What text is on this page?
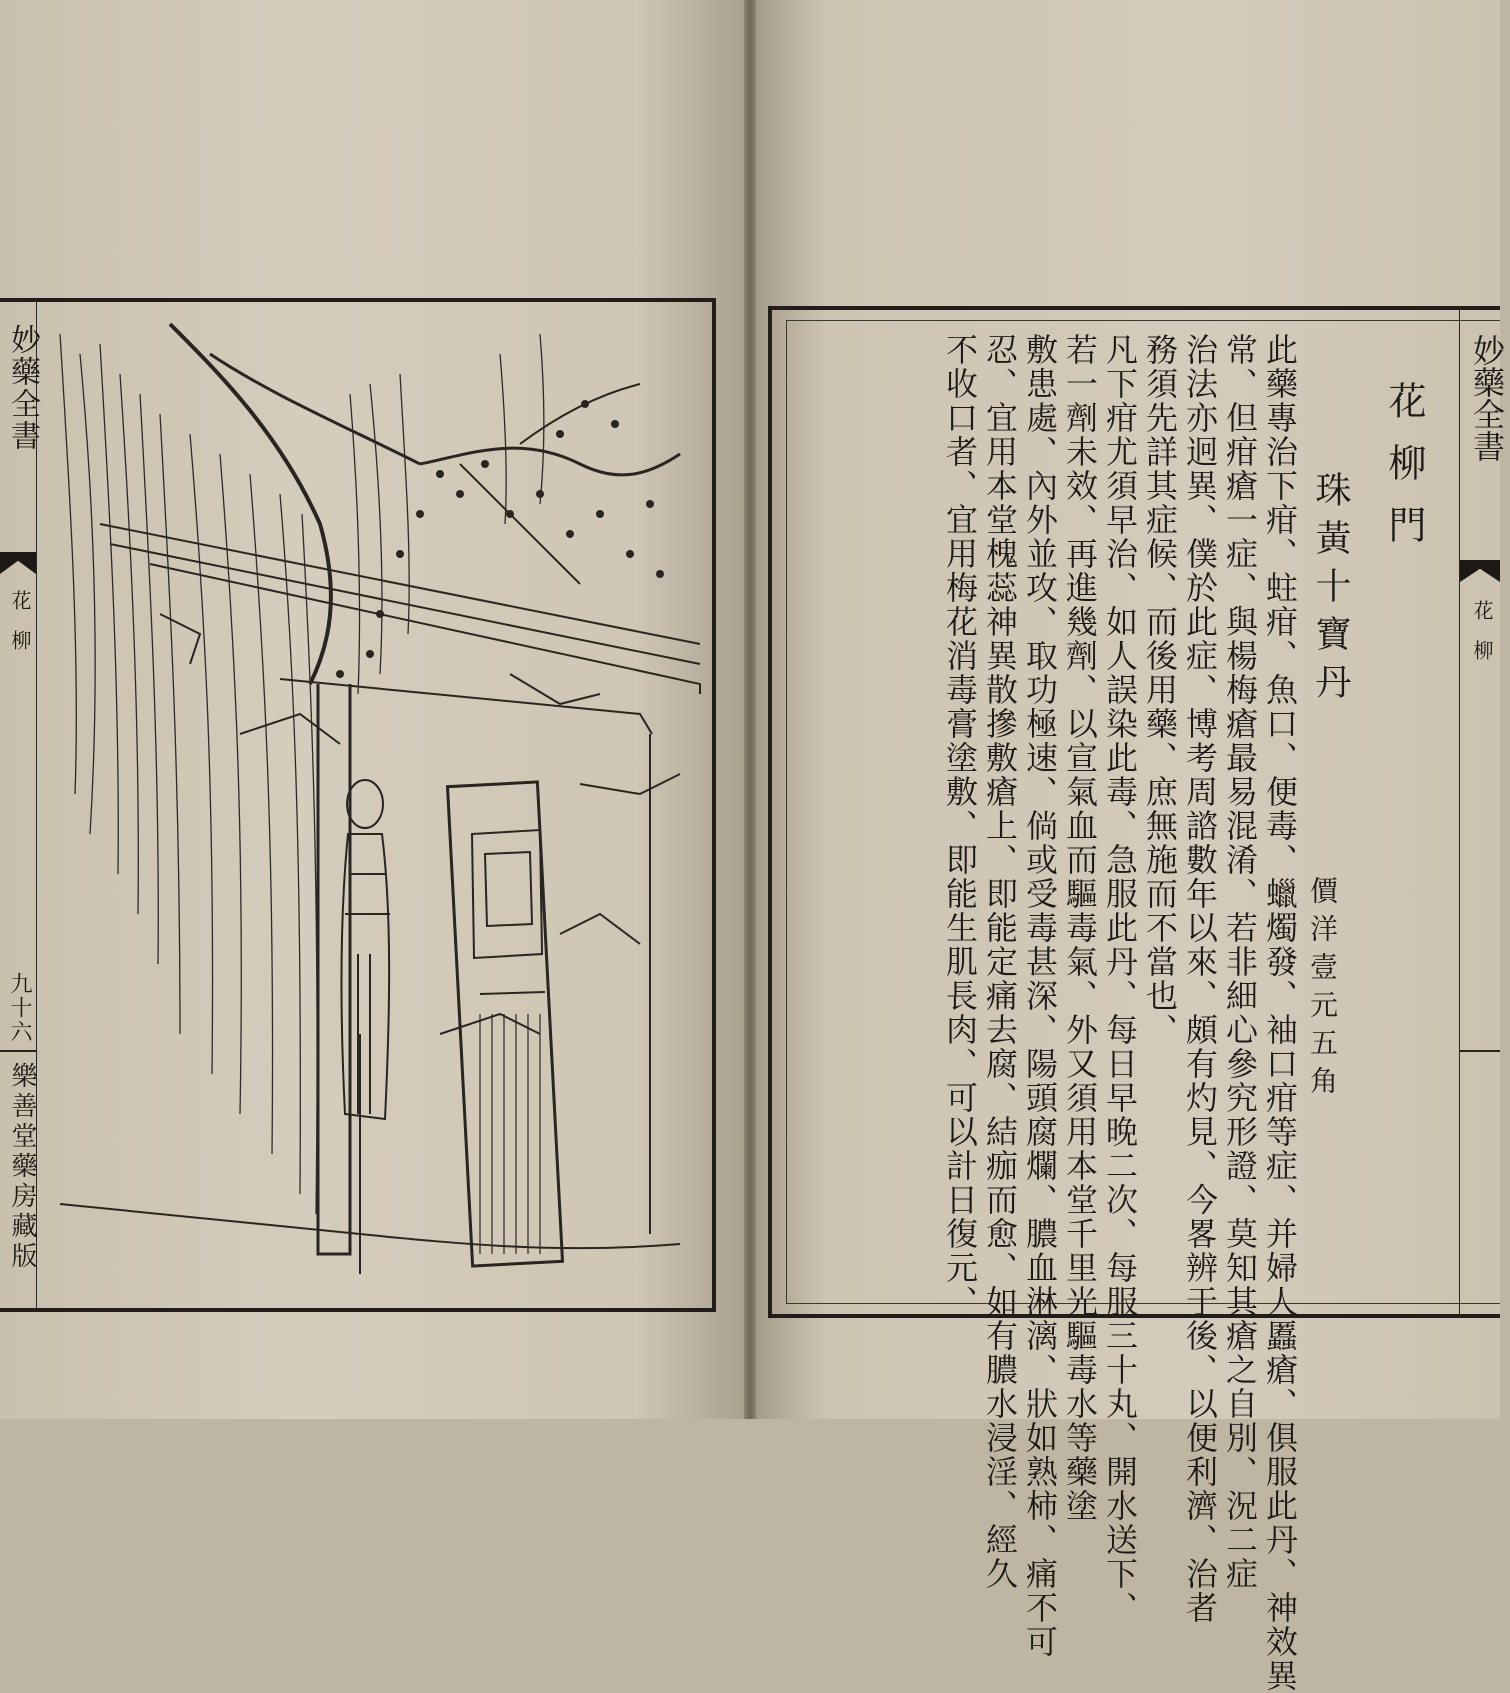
妙藥全書
花柳
九十六
樂善堂藥房藏版
花柳門
珠黃十寶丹
價洋壹元五角
此藥專治下疳、蛀疳、魚口、便毒、蠟燭發、袖口疳等症、并婦人䘌瘡、俱服此丹、神效異
常、但疳瘡一症、與楊梅瘡最易混淆、若非細心參究形證、莫知其瘡之自別、況二症
治法亦迥異、僕於此症、博考周諮數年以來、頗有灼見、今畧辨于後、以便利濟、治者
務須先詳其症候、而後用藥、庶無施而不當也、
凡下疳尤須早治、如人誤染此毒、急服此丹、每日早晚二次、每服三十丸、開水送下、
若一劑未效、再進幾劑、以宣氣血而驅毒氣、外又須用本堂千里光驅毒水等藥塗
敷患處、內外並攻、取功極速、倘或受毒甚深、陽頭腐爛、膿血淋漓、狀如熟柿、痛不可
忍、宜用本堂槐蕊神異散摻敷瘡上、即能定痛去腐、結痂而愈、如有膿水浸淫、經久
不收口者、宜用梅花消毒膏塗敷、即能生肌長肉、可以計日復元、	妙藥全書
花柳
